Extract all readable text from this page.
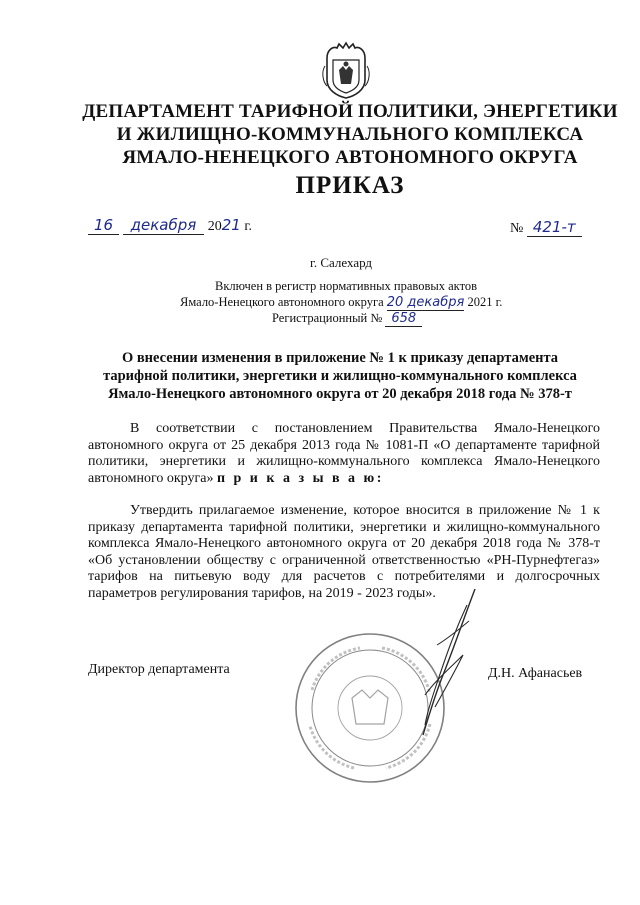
ДЕПАРТАМЕНТ ТАРИФНОЙ ПОЛИТИКИ, ЭНЕРГЕТИКИ
И ЖИЛИЩНО-КОММУНАЛЬНОГО КОМПЛЕКСА
ЯМАЛО-НЕНЕЦКОГО АВТОНОМНОГО ОКРУГА
ПРИКАЗ
16 декабря 2021 г.	№ 421-т
г. Салехард
Включен в регистр нормативных правовых актов
Ямало-Ненецкого автономного округа 20 декабря 2021 г.
Регистрационный № 658
О внесении изменения в приложение № 1 к приказу департамента
тарифной политики, энергетики и жилищно-коммунального комплекса
Ямало-Ненецкого автономного округа от 20 декабря 2018 года № 378-т
В соответствии с постановлением Правительства Ямало-Ненецкого автономного округа от 25 декабря 2013 года № 1081-П «О департаменте тарифной политики, энергетики и жилищно-коммунального комплекса Ямало-Ненецкого автономного округа» п р и к а з ы в а ю:
Утвердить прилагаемое изменение, которое вносится в приложение № 1 к приказу департамента тарифной политики, энергетики и жилищно-коммунального комплекса Ямало-Ненецкого автономного округа от 20 декабря 2018 года № 378-т «Об установлении обществу с ограниченной ответственностью «РН-Пурнефтегаз» тарифов на питьевую воду для расчетов с потребителями и долгосрочных параметров регулирования тарифов, на 2019 - 2023 годы».
Директор департамента	Д.Н. Афанасьев
